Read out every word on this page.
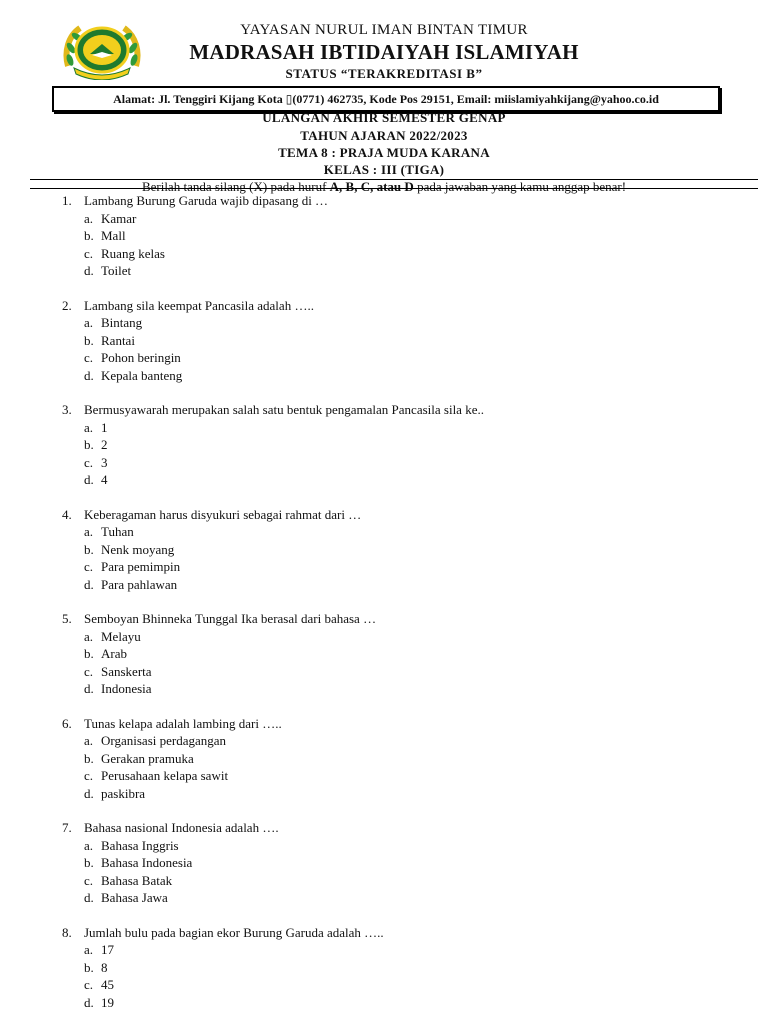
YAYASAN NURUL IMAN BINTAN TIMUR
MADRASAH IBTIDAIYAH ISLAMIYAH
STATUS “TERAKREDITASI B”
Alamat: Jl. Tenggiri Kijang Kota ▯(0771) 462735, Kode Pos 29151, Email: miislamiyahkijang@yahoo.co.id
ULANGAN AKHIR SEMESTER GENAP
TAHUN AJARAN 2022/2023
TEMA 8 : PRAJA MUDA KARANA
KELAS : III (TIGA)
Berilah tanda silang (X) pada huruf A, B, C, atau D pada jawaban yang kamu anggap benar!
1. Lambang Burung Garuda wajib dipasang di …
a. Kamar
b. Mall
c. Ruang kelas
d. Toilet
2. Lambang sila keempat Pancasila adalah …..
a. Bintang
b. Rantai
c. Pohon beringin
d. Kepala banteng
3. Bermusyawarah merupakan salah satu bentuk pengamalan Pancasila sila ke..
a. 1
b. 2
c. 3
d. 4
4. Keberagaman harus disyukuri sebagai rahmat dari …
a. Tuhan
b. Nenk moyang
c. Para pemimpin
d. Para pahlawan
5. Semboyan Bhinneka Tunggal Ika berasal dari bahasa …
a. Melayu
b. Arab
c. Sanskerta
d. Indonesia
6. Tunas kelapa adalah lambing dari …..
a. Organisasi perdagangan
b. Gerakan pramuka
c. Perusahaan kelapa sawit
d. paskibra
7. Bahasa nasional Indonesia adalah ….
a. Bahasa Inggris
b. Bahasa Indonesia
c. Bahasa Batak
d. Bahasa Jawa
8. Jumlah bulu pada bagian ekor Burung Garuda adalah …..
a. 17
b. 8
c. 45
d. 19
